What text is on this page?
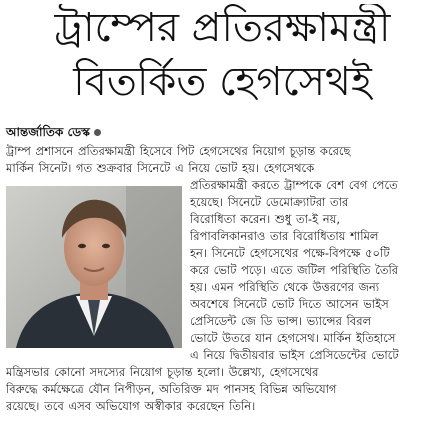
ট্রাম্পের প্রতিরক্ষামন্ত্রী
বিতর্কিত হেগসেথই
আন্তর্জাতিক ডেস্ক
ট্রাম্প প্রশাসনে প্রতিরক্ষামন্ত্রী হিসেবে পিট হেগসেথের নিয়োগ চূড়ান্ত করেছে
মার্কিন সিনেট। গত শুক্রবার সিনেটে এ নিয়ে ভোট হয়। হেগসেথকে
প্রতিরক্ষামন্ত্রী করতে ট্রাম্পকে বেশ বেগ পেতে
হয়েছে। সিনেটে ডেমোক্র্যাটরা তার
বিরোধিতা করেন। শুধু তা-ই নয়,
রিপাবলিকানরাও তার বিরোধিতায় শামিল
হন। সিনেটে হেগসেথের পক্ষে-বিপক্ষে ৫০টি
করে ভোট পড়ে। এতে জটিল পরিস্থিতি তৈরি
হয়। এমন পরিস্থিতি থেকে উত্তরণের জন্য
অবশেষে সিনেটে ভোট দিতে আসেন ভাইস
প্রেসিডেন্ট জে ডি ভান্স। ভ্যান্সের বিরল
ভোটে উতরে যান হেগসেথ। মার্কিন ইতিহাসে
এ নিয়ে দ্বিতীয়বার ভাইস প্রেসিডেন্টের ভোটে
মন্ত্রিসভার কোনো সদস্যের নিয়োগ চূড়ান্ত হলো। উল্লেখ্য, হেগসেথের
বিরুদ্ধে কর্মক্ষেত্রে যৌন নিপীড়ন, অতিরিক্ত মদ পানসহ বিভিন্ন অভিযোগ
রয়েছে। তবে এসব অভিযোগ অস্বীকার করেছেন তিনি।
